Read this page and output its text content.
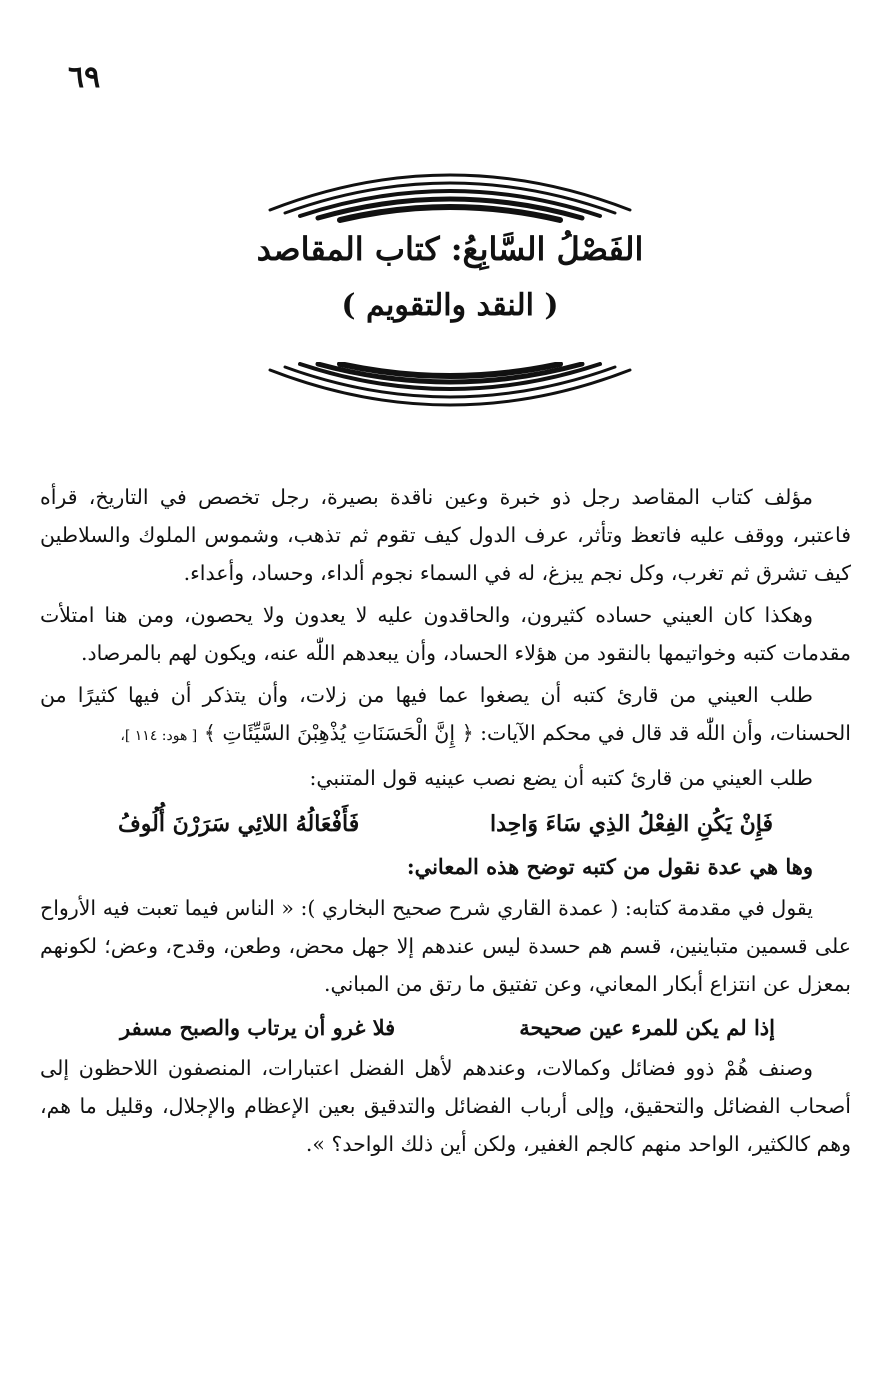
٦٩
الفَصْلُ السَّابِعُ: كتاب المقاصد
( النقد والتقويم )

مؤلف كتاب المقاصد رجل ذو خبرة وعين ناقدة بصيرة، رجل تخصص في التاريخ، قرأه فاعتبر، ووقف عليه فاتعظ وتأثر، عرف الدول كيف تقوم ثم تذهب، وشموس الملوك والسلاطين كيف تشرق ثم تغرب، وكل نجم يبزغ، له في السماء نجوم ألداء، وحساد، وأعداء.

وهكذا كان العيني حساده كثيرون، والحاقدون عليه لا يعدون ولا يحصون، ومن هنا امتلأت مقدمات كتبه وخواتيمها بالنقود من هؤلاء الحساد، وأن يبعدهم اللّٰه عنه، ويكون لهم بالمرصاد.

طلب العيني من قارئ كتبه أن يصغوا عما فيها من زلات، وأن يتذكر أن فيها كثيرًا من الحسنات، وأن اللّٰه قد قال في محكم الآيات: ﴿ إِنَّ الْحَسَنَاتِ يُذْهِبْنَ السَّيِّئَاتِ ﴾ [ هود: ١١٤ ]،

طلب العيني من قارئ كتبه أن يضع نصب عينيه قول المتنبي:

فَإِنْ يَكُنِ الفِعْلُ الذِي سَاءَ وَاحِدا
فَأَفْعَالُهُ اللائِي سَرَرْنَ أُلُوفُ
وها هي عدة نقول من كتبه توضح هذه المعاني:

يقول في مقدمة كتابه: ( عمدة القاري شرح صحيح البخاري ): « الناس فيما تعبت فيه الأرواح على قسمين متباينين، قسم هم حسدة ليس عندهم إلا جهل محض، وطعن، وقدح، وعض؛ لكونهم بمعزل عن انتزاع أبكار المعاني، وعن تفتيق ما رتق من المباني.

إذا لم يكن للمرء عين صحيحة
فلا غرو أن يرتاب والصبح مسفر

وصنف هُمْ ذوو فضائل وكمالات، وعندهم لأهل الفضل اعتبارات، المنصفون اللاحظون إلى أصحاب الفضائل والتحقيق، وإلى أرباب الفضائل والتدقيق بعين الإعظام والإجلال، وقليل ما هم، وهم كالكثير، الواحد منهم كالجم الغفير، ولكن أين ذلك الواحد؟ ».
